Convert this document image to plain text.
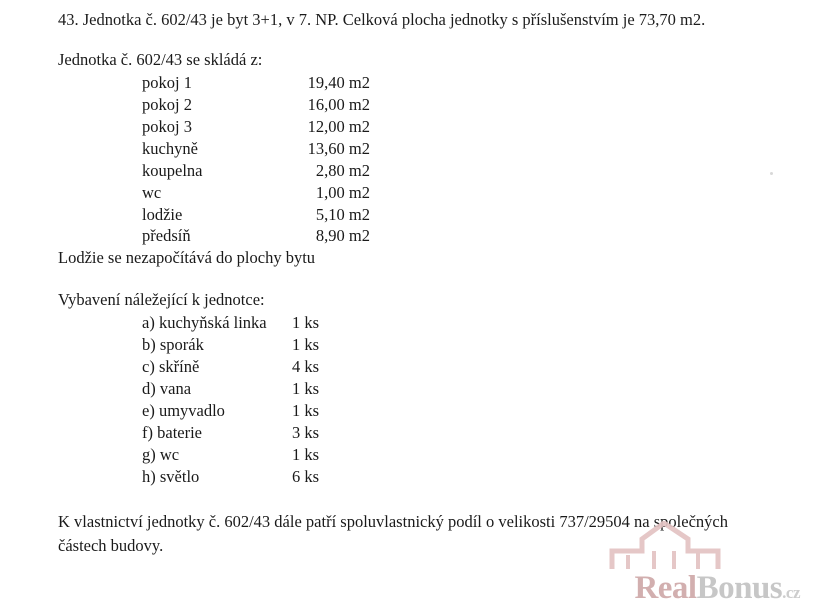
43. Jednotka č. 602/43 je byt 3+1, v 7. NP. Celková plocha jednotky s příslušenstvím je 73,70 m2.
Jednotka č. 602/43 se skládá z:
pokoj 1	19,40 m2
pokoj 2	16,00 m2
pokoj 3	12,00 m2
kuchyně	13,60 m2
koupelna	2,80 m2
wc	1,00 m2
lodžie	5,10 m2
předsíň	8,90 m2
Lodžie se nezapočítává do plochy bytu
Vybavení náležející k jednotce:
a) kuchyňská linka	1 ks
b) sporák	1 ks
c) skříně	4 ks
d) vana	1 ks
e) umyvadlo	1 ks
f) baterie	3 ks
g) wc	1 ks
h) světlo	6 ks
K vlastnictví jednotky č. 602/43 dále patří spoluvlastnický podíl o velikosti 737/29504 na společných částech budovy.
RealBonus.cz
